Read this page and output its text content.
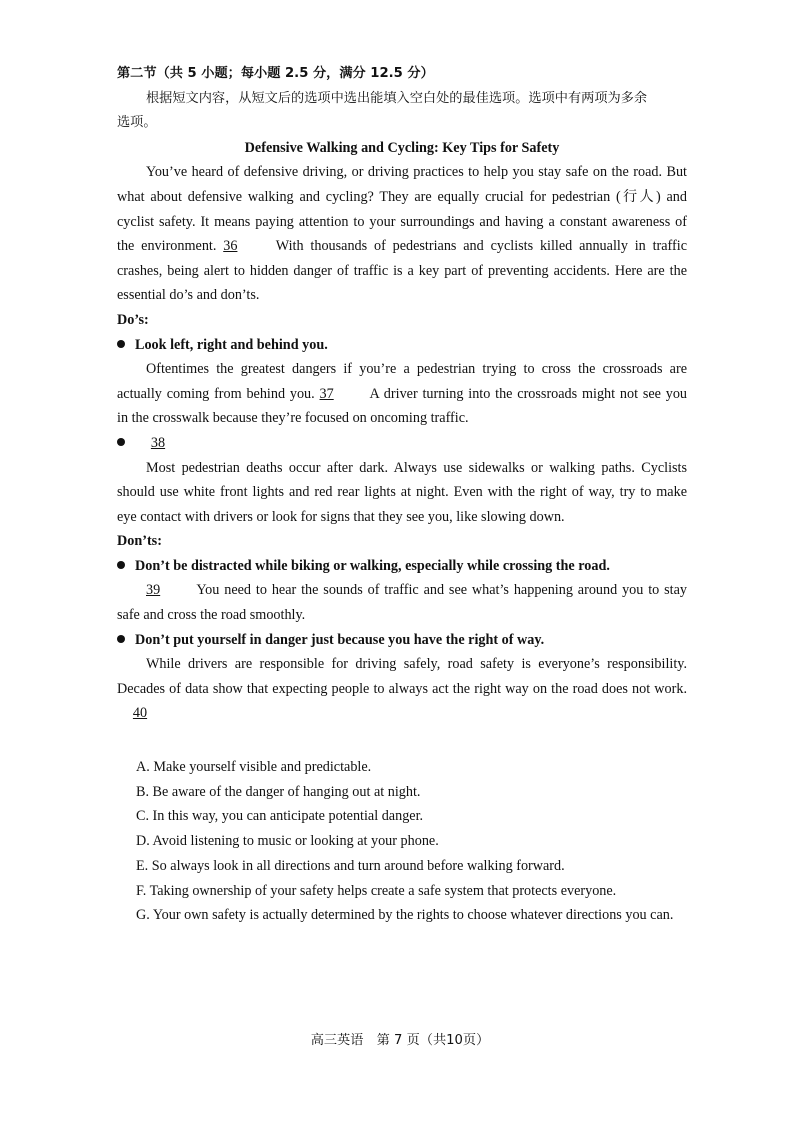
第二节（共 5 小题；每小题 2.5 分，满分 12.5 分）

根据短文内容，从短文后的选项中选出能填入空白处的最佳选项。选项中有两项为多余

选项。

Defensive Walking and Cycling: Key Tips for Safety

You’ve heard of defensive driving, or driving practices to help you stay safe on the road. But

what about defensive walking and cycling? They are equally crucial for pedestrian (行人) and

cyclist safety. It means paying attention to your surroundings and having a constant awareness of

the environment. 36	With thousands of pedestrians and cyclists killed annually in traffic

crashes, being alert to hidden danger of traffic is a key part of preventing accidents. Here are the

essential do’s and don’ts.

Do’s:

Look left, right and behind you.

Oftentimes the greatest dangers if you’re a pedestrian trying to cross the crossroads are

actually coming from behind you. 37	A driver turning into the crossroads might not see you

in the crosswalk because they’re focused on oncoming traffic.

38

Most pedestrian deaths occur after dark. Always use sidewalks or walking paths. Cyclists

should use white front lights and red rear lights at night. Even with the right of way, try to make

eye contact with drivers or look for signs that they see you, like slowing down.

Don’ts:

Don’t be distracted while biking or walking, especially while crossing the road.

39	You need to hear the sounds of traffic and see what’s happening around you to stay

safe and cross the road smoothly.

Don’t put yourself in danger just because you have the right of way.

While drivers are responsible for driving safely, road safety is everyone’s responsibility.

Decades of data show that expecting people to always act the right way on the road does not work.

40

A. Make yourself visible and predictable.

B. Be aware of the danger of hanging out at night.

C. In this way, you can anticipate potential danger.

D. Avoid listening to music or looking at your phone.

E. So always look in all directions and turn around before walking forward.

F. Taking ownership of your safety helps create a safe system that protects everyone.

G. Your own safety is actually determined by the rights to choose whatever directions you can.

高三英语　第 7 页（共10页）
